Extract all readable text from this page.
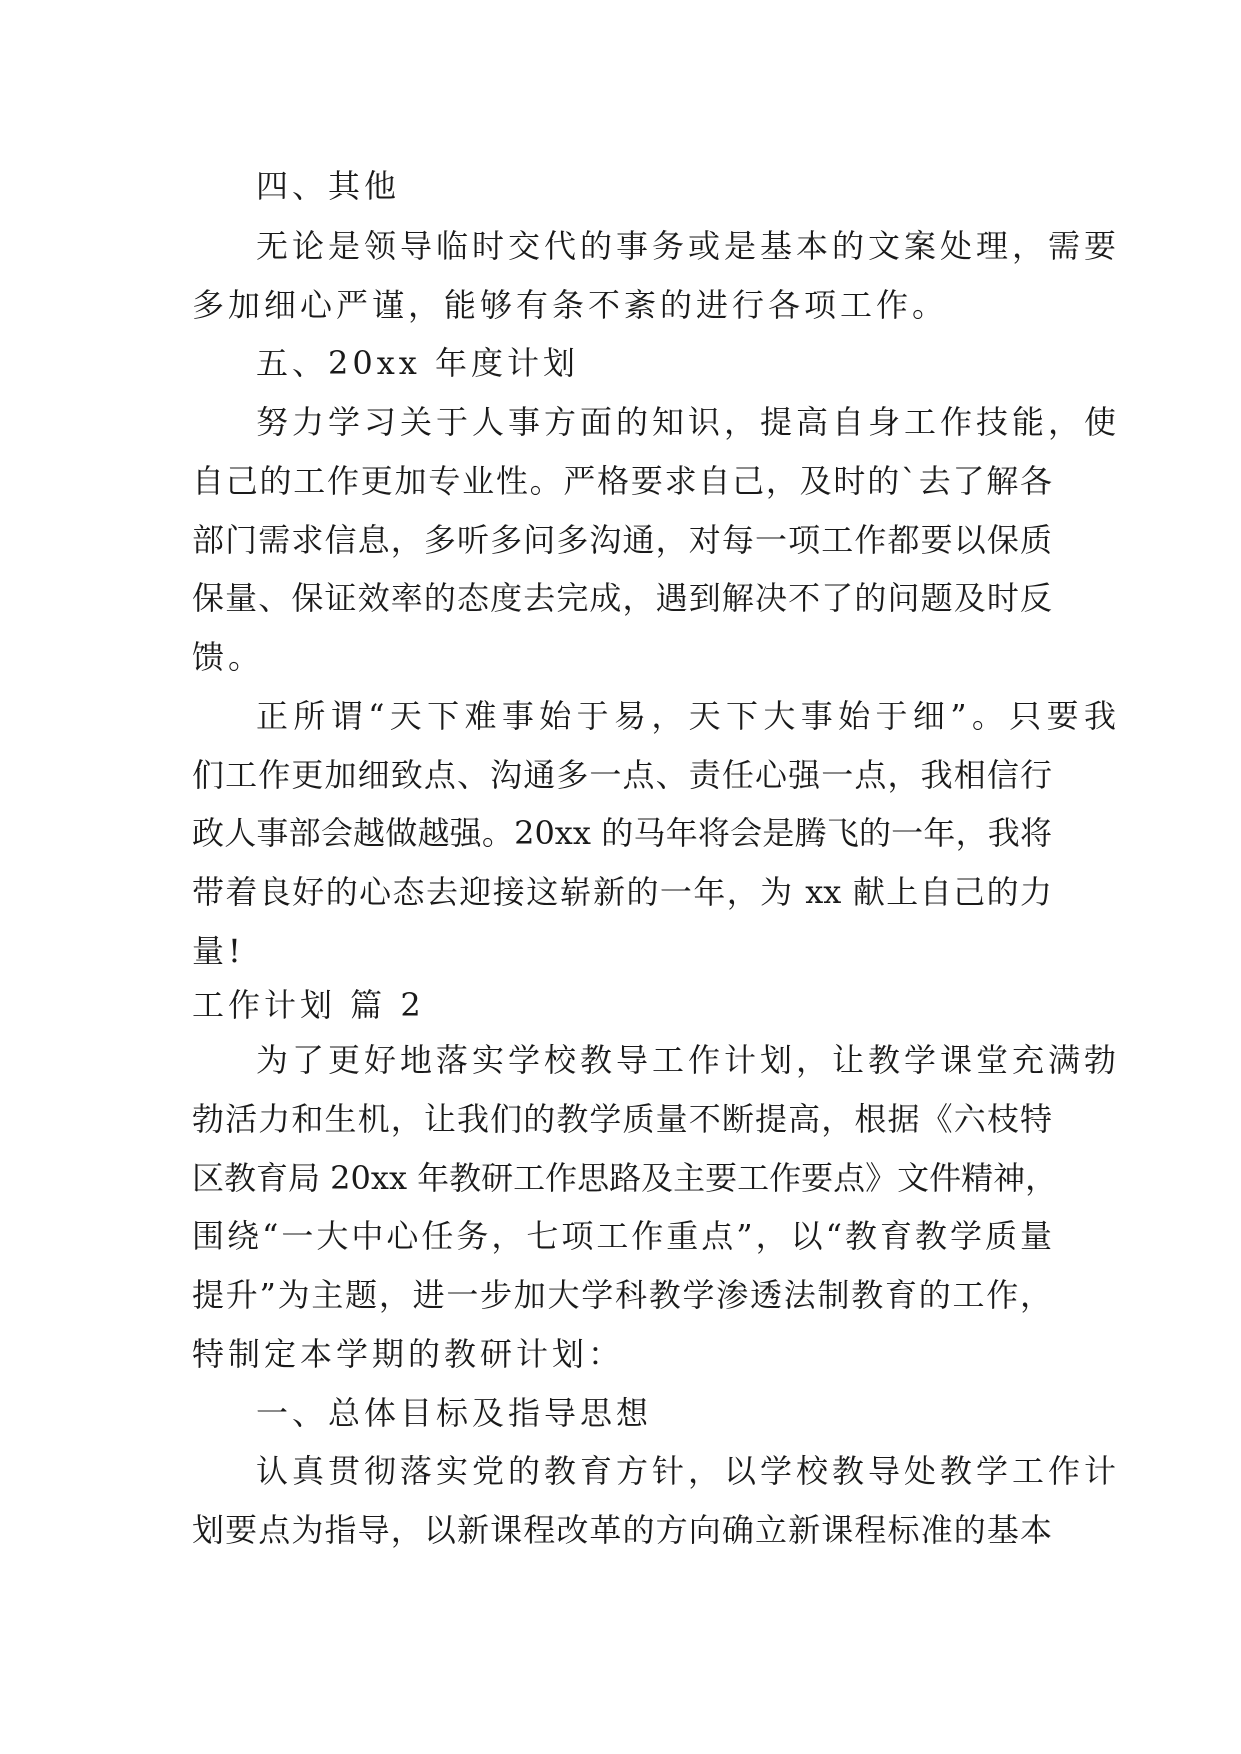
四、其他
无论是领导临时交代的事务或是基本的文案处理，需要
多加细心严谨，能够有条不紊的进行各项工作。
五、20xx 年度计划
努力学习关于人事方面的知识，提高自身工作技能，使
自己的工作更加专业性。严格要求自己，及时的`去了解各
部门需求信息，多听多问多沟通，对每一项工作都要以保质
保量、保证效率的态度去完成，遇到解决不了的问题及时反
馈。
正所谓“天下难事始于易，天下大事始于细”。只要我
们工作更加细致点、沟通多一点、责任心强一点，我相信行
政人事部会越做越强。20xx 的马年将会是腾飞的一年，我将
带着良好的心态去迎接这崭新的一年，为 xx 献上自己的力
量!
工作计划 篇 2
为了更好地落实学校教导工作计划，让教学课堂充满勃
勃活力和生机，让我们的教学质量不断提高，根据《六枝特
区教育局 20xx 年教研工作思路及主要工作要点》文件精神，
围绕“一大中心任务，七项工作重点”，以“教育教学质量
提升”为主题，进一步加大学科教学渗透法制教育的工作，
特制定本学期的教研计划：
一、总体目标及指导思想
认真贯彻落实党的教育方针，以学校教导处教学工作计
划要点为指导，以新课程改革的方向确立新课程标准的基本
